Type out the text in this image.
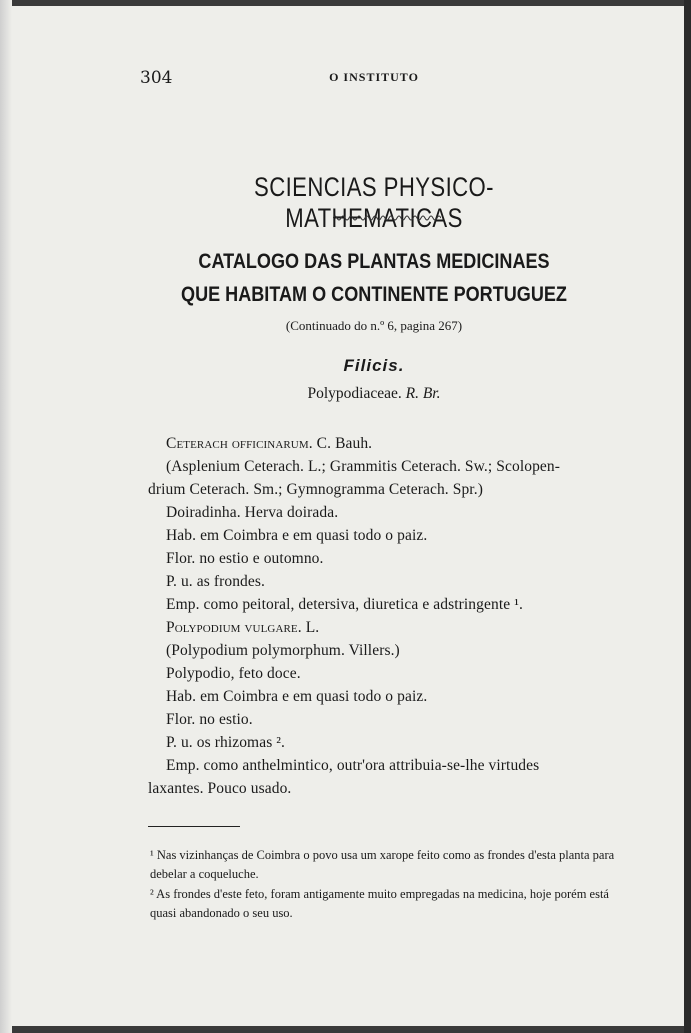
304	O INSTITUTO
SCIENCIAS PHYSICO-MATHEMATICAS
CATALOGO DAS PLANTAS MEDICINAES
QUE HABITAM O CONTINENTE PORTUGUEZ
(Continuado do n.º 6, pagina 267)
Filicis.
Polypodiaceae. R. Br.
Ceterach officinarum. C. Bauh.
(Asplenium Ceterach. L.; Grammitis Ceterach. Sw.; Scolopen-
drium Ceterach. Sm.; Gymnogramma Ceterach. Spr.)
Doiradinha. Herva doirada.
Hab. em Coimbra e em quasi todo o paiz.
Flor. no estio e outomno.
P. u. as frondes.
Emp. como peitoral, detersiva, diuretica e adstringente ¹.
Polypodium vulgare. L.
(Polypodium polymorphum. Villers.)
Polypodio, feto doce.
Hab. em Coimbra e em quasi todo o paiz.
Flor. no estio.
P. u. os rhizomas ².
Emp. como anthelmintico, outr'ora attribuia-se-lhe virtudes
laxantes. Pouco usado.
¹ Nas vizinhanças de Coimbra o povo usa um xarope feito como as frondes d'esta planta para debelar a coqueluche.
² As frondes d'este feto, foram antigamente muito empregadas na medicina, hoje porém está quasi abandonado o seu uso.
